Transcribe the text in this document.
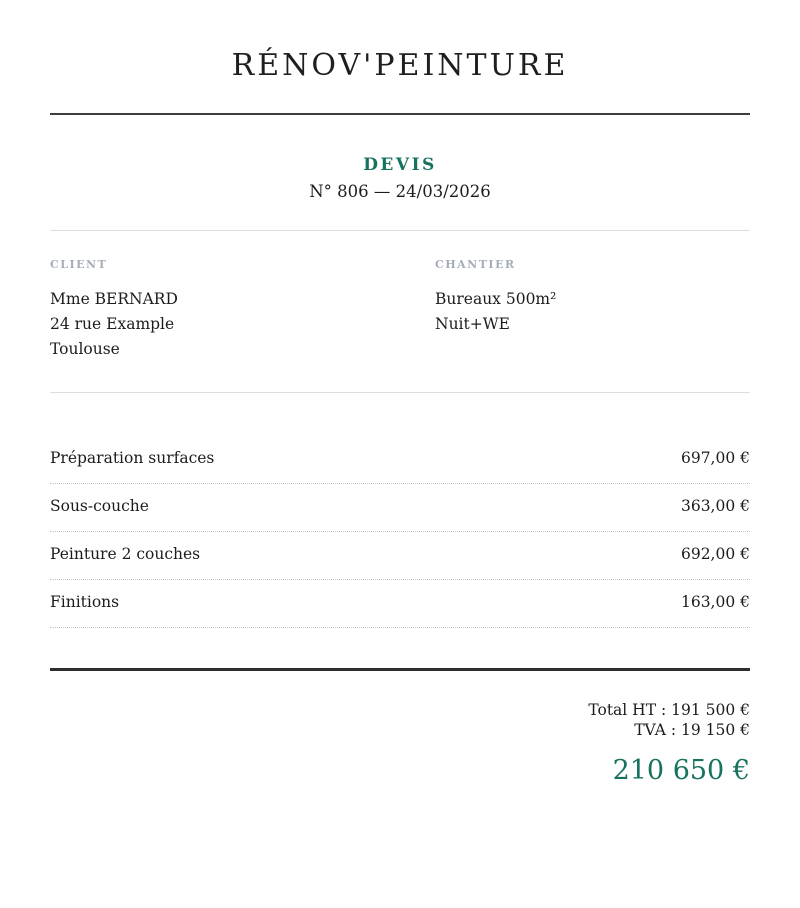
RÉNOV'PEINTURE
DEVIS
N° 806 — 24/03/2026
CLIENT
Mme BERNARD
24 rue Example
Toulouse
CHANTIER
Bureaux 500m²
Nuit+WE
Préparation surfaces	697,00 €
Sous-couche	363,00 €
Peinture 2 couches	692,00 €
Finitions	163,00 €
Total HT : 191 500 €
TVA : 19 150 €
210 650 €
